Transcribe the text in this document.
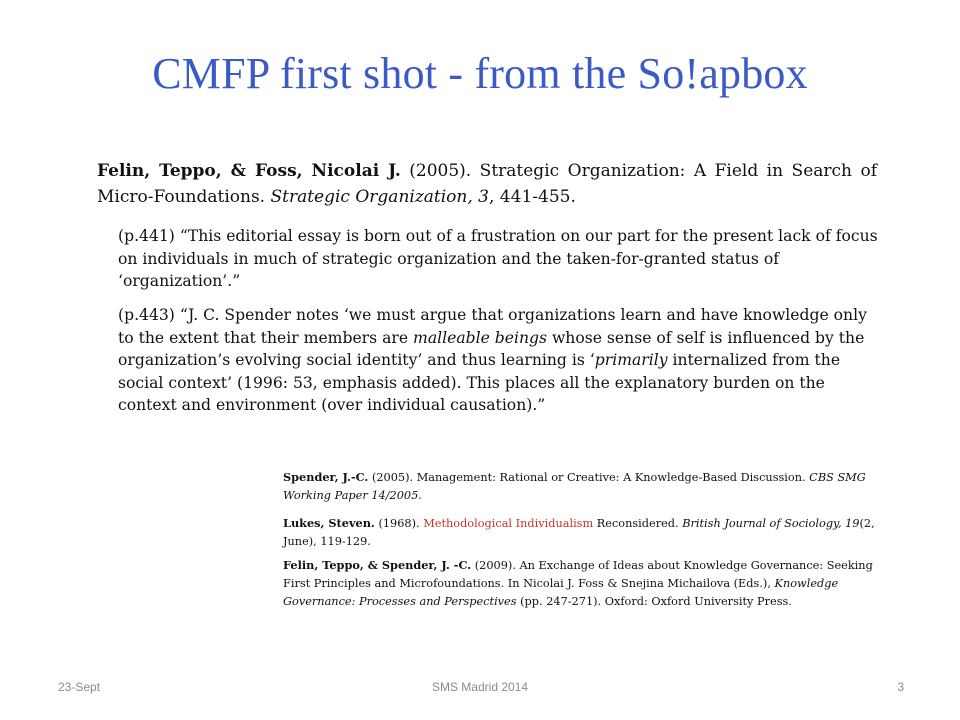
CMFP first shot - from the So!apbox
Felin, Teppo, & Foss, Nicolai J. (2005). Strategic Organization: A Field in Search of Micro-Foundations. Strategic Organization, 3, 441-455.
(p.441) “This editorial essay is born out of a frustration on our part for the present lack of focus on individuals in much of strategic organization and the taken-for-granted status of ‘organization’.”
(p.443) “J. C. Spender notes ‘we must argue that organizations learn and have knowledge only to the extent that their members are malleable beings whose sense of self is influenced by the organization’s evolving social identity’ and thus learning is ‘primarily internalized from the social context’ (1996: 53, emphasis added). This places all the explanatory burden on the context and environment (over individual causation).”
Spender, J.-C. (2005). Management: Rational or Creative: A Knowledge-Based Discussion. CBS SMG Working Paper 14/2005.
Lukes, Steven. (1968). Methodological Individualism Reconsidered. British Journal of Sociology, 19(2, June), 119-129.
Felin, Teppo, & Spender, J. -C. (2009). An Exchange of Ideas about Knowledge Governance: Seeking First Principles and Microfoundations. In Nicolai J. Foss & Snejina Michailova (Eds.), Knowledge Governance: Processes and Perspectives (pp. 247-271). Oxford: Oxford University Press.
23-Sept	SMS Madrid 2014	3
